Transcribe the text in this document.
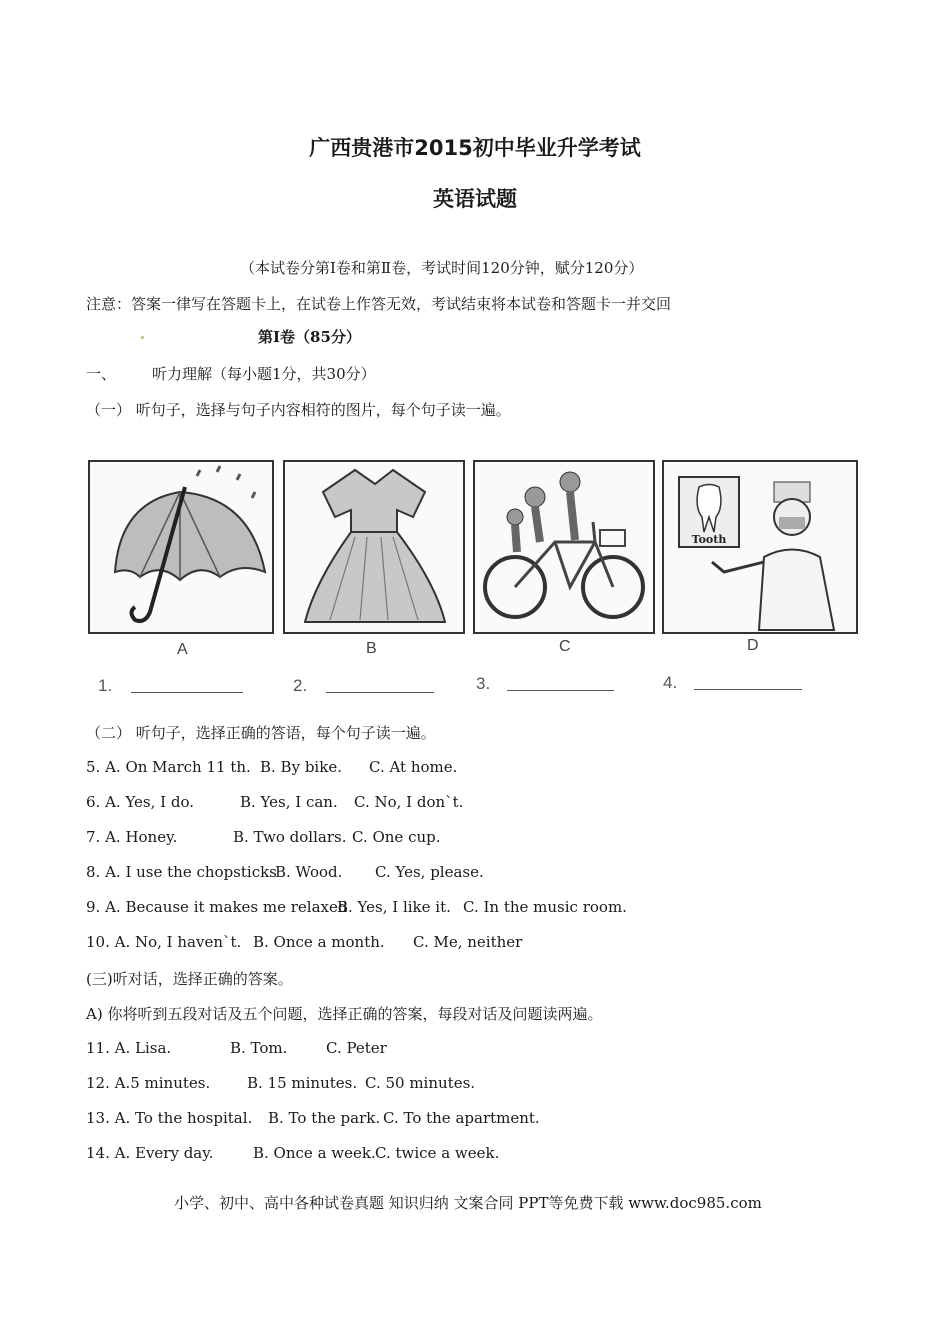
广西贵港市2015初中毕业升学考试
英语试题
（本试卷分第Ⅰ卷和第Ⅱ卷，考试时间120分钟，赋分120分）
注意：答案一律写在答题卡上，在试卷上作答无效，考试结束将本试卷和答题卡一并交回
第Ⅰ卷（85分）
一、 听力理解（每小题1分，共30分）
（一） 听句子，选择与句子内容相符的图片，每个句子读一遍。
Tooth
A	B	C	D
1.	2.	3.	4.
（二） 听句子，选择正确的答语，每个句子读一遍。
5. A. On March 11 th. B. By bike. C. At home.
6. A. Yes, I do.	B. Yes, I can. C. No, I don`t.
7. A. Honey.	B. Two dollars. C. One cup.
8. A. I use the chopsticks
B. Wood. C. Yes, please.
9. A. Because it makes me relaxed
B. Yes, I like it. C. In the music room.
10. A. No, I haven`t. B. Once a month. C. Me, neither
(三)听对话，选择正确的答案。
A) 你将听到五段对话及五个问题，选择正确的答案，每段对话及问题读两遍。
11. A. Lisa.	B. Tom.	C. Peter
12. A.5 minutes. B. 15 minutes. C. 50 minutes.
13. A. To the hospital. B. To the park. C. To the apartment.
14. A. Every day.	B. Once a week. C. twice a week.
小学、初中、高中各种试卷真题 知识归纳 文案合同 PPT等免费下载 www.doc985.com
